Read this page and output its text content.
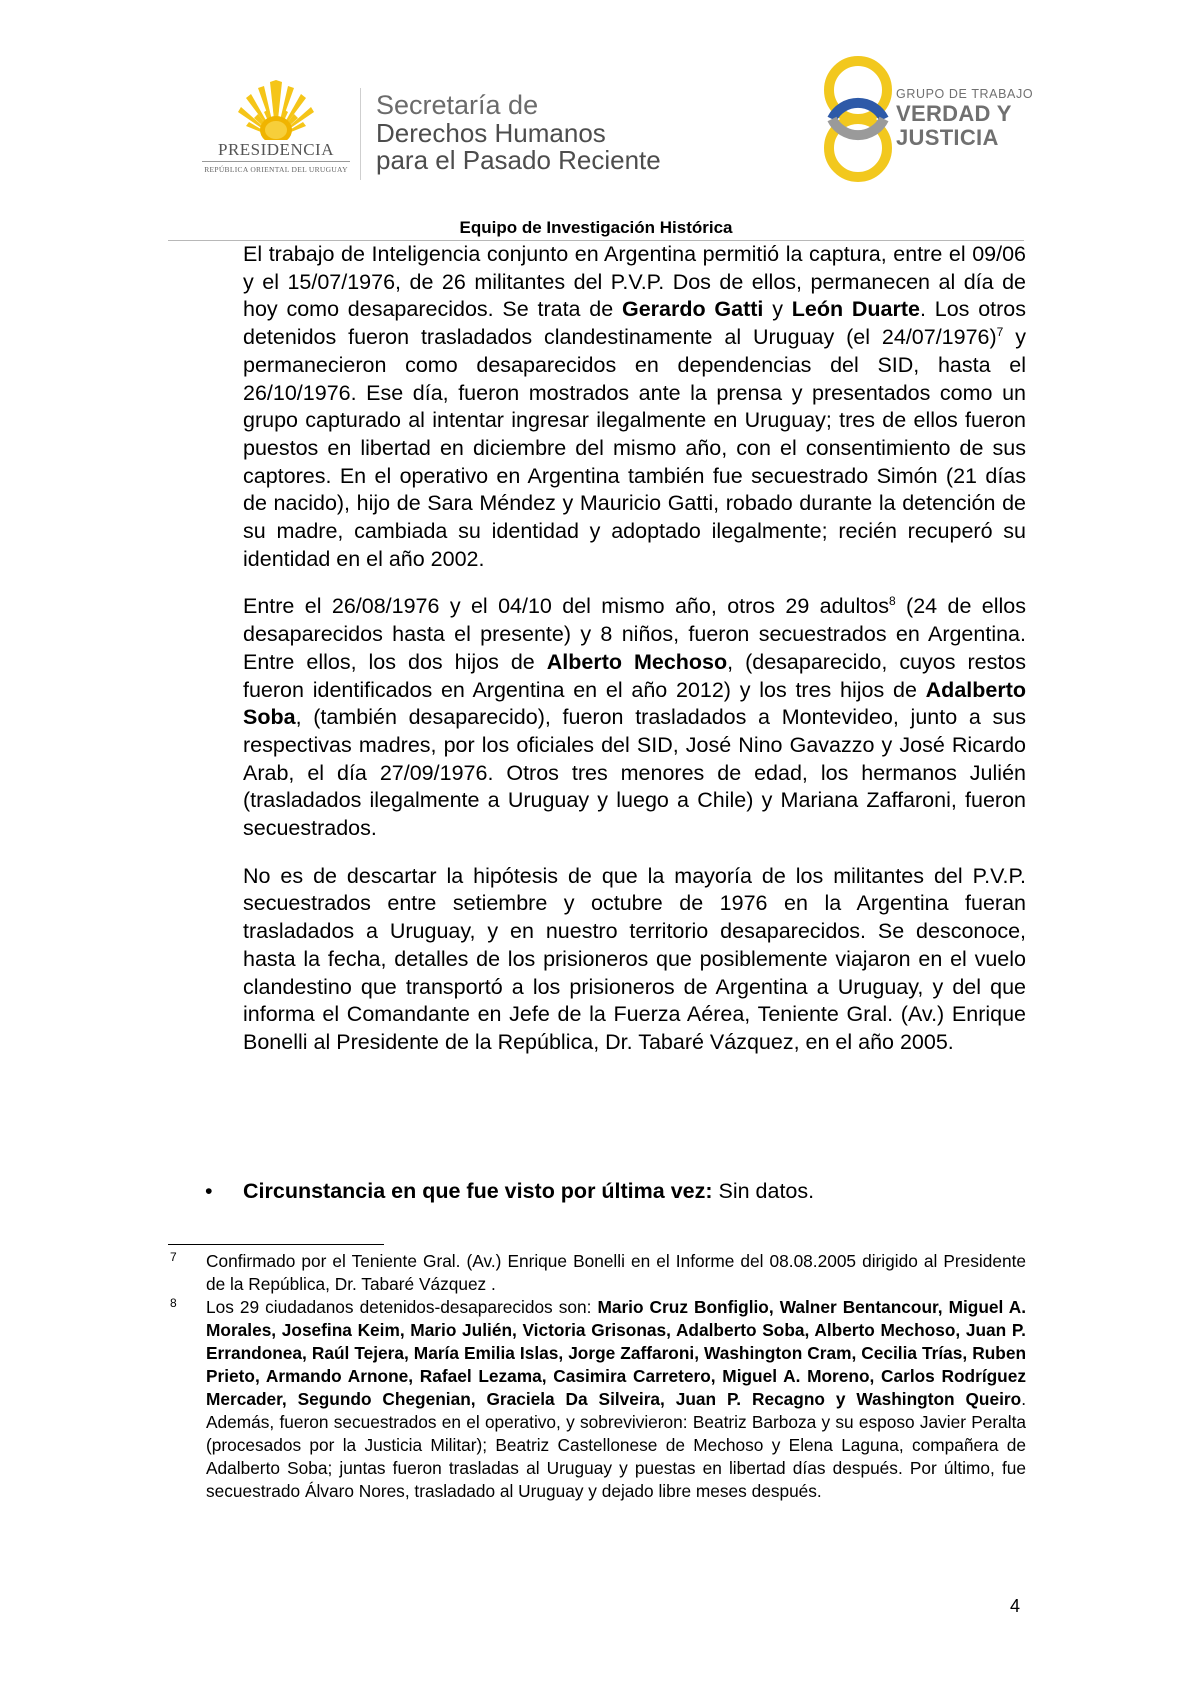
PRESIDENCIA
REPÚBLICA ORIENTAL DEL URUGUAY
Secretaría de
Derechos Humanos
para el Pasado Reciente
GRUPO DE TRABAJO
VERDAD Y
JUSTICIA
Equipo de Investigación Histórica

El trabajo de Inteligencia conjunto en Argentina permitió la captura, entre el 09/06 y el 15/07/1976, de 26 militantes del P.V.P. Dos de ellos, permanecen al día de hoy como desaparecidos. Se trata de Gerardo Gatti y León Duarte. Los otros detenidos fueron trasladados clandestinamente al Uruguay (el 24/07/1976)$^7$ y permanecieron como desaparecidos en dependencias del SID, hasta el 26/10/1976. Ese día, fueron mostrados ante la prensa y presentados como un grupo capturado al intentar ingresar ilegalmente en Uruguay; tres de ellos fueron puestos en libertad en diciembre del mismo año, con el consentimiento de sus captores. En el operativo en Argentina también fue secuestrado Simón (21 días de nacido), hijo de Sara Méndez y Mauricio Gatti, robado durante la detención de su madre, cambiada su identidad y adoptado ilegalmente; recién recuperó su identidad en el año 2002.

Entre el 26/08/1976 y el 04/10 del mismo año, otros 29 adultos$^8$ (24 de ellos desaparecidos hasta el presente) y 8 niños, fueron secuestrados en Argentina. Entre ellos, los dos hijos de Alberto Mechoso, (desaparecido, cuyos restos fueron identificados en Argentina en el año 2012) y los tres hijos de Adalberto Soba, (también desaparecido), fueron trasladados a Montevideo, junto a sus respectivas madres, por los oficiales del SID, José Nino Gavazzo y José Ricardo Arab, el día 27/09/1976. Otros tres menores de edad, los hermanos Julién (trasladados ilegalmente a Uruguay y luego a Chile) y Mariana Zaffaroni, fueron secuestrados.

No es de descartar la hipótesis de que la mayoría de los militantes del P.V.P. secuestrados entre setiembre y octubre de 1976 en la Argentina fueran trasladados a Uruguay, y en nuestro territorio desaparecidos. Se desconoce, hasta la fecha, detalles de los prisioneros que posiblemente viajaron en el vuelo clandestino que transportó a los prisioneros de Argentina a Uruguay, y del que informa el Comandante en Jefe de la Fuerza Aérea, Teniente Gral. (Av.) Enrique Bonelli al Presidente de la República, Dr. Tabaré Vázquez, en el año 2005.

•	Circunstancia en que fue visto por última vez: Sin datos.
7 Confirmado por el Teniente Gral. (Av.) Enrique Bonelli en el Informe del 08.08.2005 dirigido al Presidente de la República, Dr. Tabaré Vázquez .
8 Los 29 ciudadanos detenidos-desaparecidos son: Mario Cruz Bonfiglio, Walner Bentancour, Miguel A. Morales, Josefina Keim, Mario Julién, Victoria Grisonas, Adalberto Soba, Alberto Mechoso, Juan P. Errandonea, Raúl Tejera, María Emilia Islas, Jorge Zaffaroni, Washington Cram, Cecilia Trías, Ruben Prieto, Armando Arnone, Rafael Lezama, Casimira Carretero, Miguel A. Moreno, Carlos Rodríguez Mercader, Segundo Chegenian, Graciela Da Silveira, Juan P. Recagno y Washington Queiro. Además, fueron secuestrados en el operativo, y sobrevivieron: Beatriz Barboza y su esposo Javier Peralta (procesados por la Justicia Militar); Beatriz Castellonese de Mechoso y Elena Laguna, compañera de Adalberto Soba; juntas fueron trasladas al Uruguay y puestas en libertad días después. Por último, fue secuestrado Álvaro Nores, trasladado al Uruguay y dejado libre meses después.
4
